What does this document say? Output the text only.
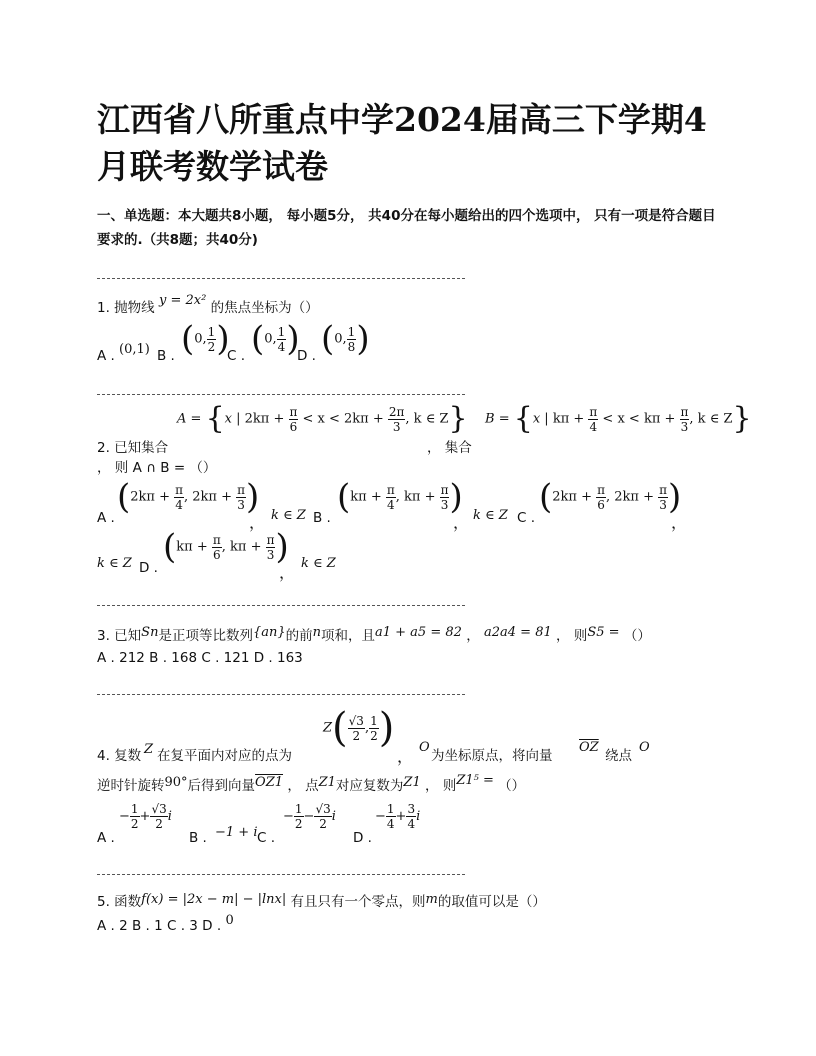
江西省八所重点中学2024届高三下学期4月联考数学试卷
一、单选题：本大题共8小题， 每小题5分， 共40分在每小题给出的四个选项中， 只有一项是符合题目要求的.（共8题；共40分)
1. 抛物线 y = 2x² 的焦点坐标为（）
A . (0,1) B . (0, $\frac{1}{2}$ )
C . (0, $\frac{1}{4}$ )
D . (0, $\frac{1}{8}$ )
2. 已知集合
A = {x | $2k\pi + \frac{\pi}{6} < x < 2k\pi + \frac{2\pi}{3}$ , k ∈ Z}
， 集合
B = {x | $k\pi + \frac{\pi}{4} < x < k\pi + \frac{\pi}{3}$ , k ∈ Z}
， 则 A ∩ B = （）
A .
($2k\pi + \frac{\pi}{4}$ , $2k\pi + \frac{\pi}{3}$ )
， k ∈ Z B .
($k\pi + \frac{\pi}{4}$ , $k\pi + \frac{\pi}{3}$ )
， k ∈ Z C .
($2k\pi + \frac{\pi}{6}$ , $2k\pi + \frac{\pi}{3}$ )
，
k ∈ Z D .
($k\pi + \frac{\pi}{6}$ , $k\pi + \frac{\pi}{3}$ )
， k ∈ Z
3. 已知Sn是正项等比数列{an}的前n项和，且a1 + a5 = 82 ， a2a4 = 81 ， 则S5 = （）
A . 212 B . 168 C . 121 D . 163
4. 复数 Z 在复平面内对应的点为
$Z( \frac{√3}{2}$ , $\frac{1}{2}$ )
， O
为坐标原点，将向量
$\overline{OZ}$
绕点
O
逆时针旋转90°后得到向量OZ1 ， 点Z1对应复数为Z1 ， 则Z1⁵ = （）
A .
− $\frac{1}{2} + \frac{√3}{2}$ i
B . −1 + i C .
− $\frac{1}{2} - \frac{√3}{2}$ i
D .
− $\frac{1}{4} + \frac{3}{4}$ i
5. 函数f(x) = |2x − m| − |lnx| 有且只有一个零点，则m的取值可以是（）
A . 2 B . 1 C . 3 D . 0
